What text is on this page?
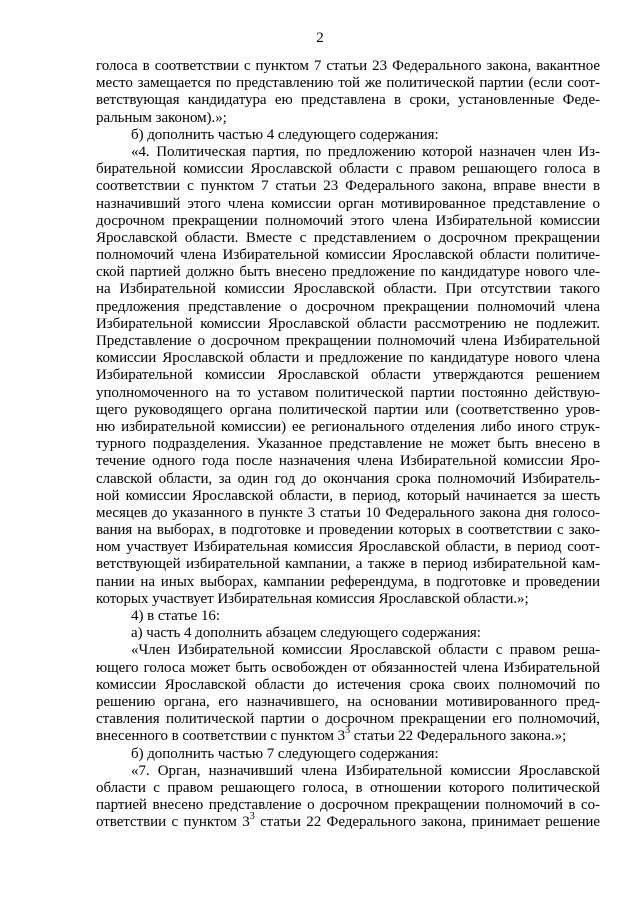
2
голоса в соответствии с пунктом 7 статьи 23 Федерального закона, вакантное
место замещается по представлению той же политической партии (если соот-
ветствующая кандидатура ею представлена в сроки, установленные Феде-
ральным законом).»;
б) дополнить частью 4 следующего содержания:
«4. Политическая партия, по предложению которой назначен член Из-
бирательной комиссии Ярославской области с правом решающего голоса в
соответствии с пунктом 7 статьи 23 Федерального закона, вправе внести в
назначивший этого члена комиссии орган мотивированное представление о
досрочном прекращении полномочий этого члена Избирательной комиссии
Ярославской области. Вместе с представлением о досрочном прекращении
полномочий члена Избирательной комиссии Ярославской области политиче-
ской партией должно быть внесено предложение по кандидатуре нового чле-
на Избирательной комиссии Ярославской области. При отсутствии такого
предложения представление о досрочном прекращении полномочий члена
Избирательной комиссии Ярославской области рассмотрению не подлежит.
Представление о досрочном прекращении полномочий члена Избирательной
комиссии Ярославской области и предложение по кандидатуре нового члена
Избирательной комиссии Ярославской области утверждаются решением
уполномоченного на то уставом политической партии постоянно действую-
щего руководящего органа политической партии или (соответственно уров-
ню избирательной комиссии) ее регионального отделения либо иного струк-
турного подразделения. Указанное представление не может быть внесено в
течение одного года после назначения члена Избирательной комиссии Яро-
славской области, за один год до окончания срока полномочий Избиратель-
ной комиссии Ярославской области, в период, который начинается за шесть
месяцев до указанного в пункте 3 статьи 10 Федерального закона дня голосо-
вания на выборах, в подготовке и проведении которых в соответствии с зако-
ном участвует Избирательная комиссия Ярославской области, в период соот-
ветствующей избирательной кампании, а также в период избирательной кам-
пании на иных выборах, кампании референдума, в подготовке и проведении
которых участвует Избирательная комиссия Ярославской области.»;
4) в статье 16:
а) часть 4 дополнить абзацем следующего содержания:
«Член Избирательной комиссии Ярославской области с правом реша-
ющего голоса может быть освобожден от обязанностей члена Избирательной
комиссии Ярославской области до истечения срока своих полномочий по
решению органа, его назначившего, на основании мотивированного пред-
ставления политической партии о досрочном прекращении его полномочий,
внесенного в соответствии с пунктом $3^3$ статьи 22 Федерального закона.»;
б) дополнить частью 7 следующего содержания:
«7. Орган, назначивший члена Избирательной комиссии Ярославской
области с правом решающего голоса, в отношении которого политической
партией внесено представление о досрочном прекращении полномочий в со-
ответствии с пунктом $3^3$ статьи 22 Федерального закона, принимает решение
